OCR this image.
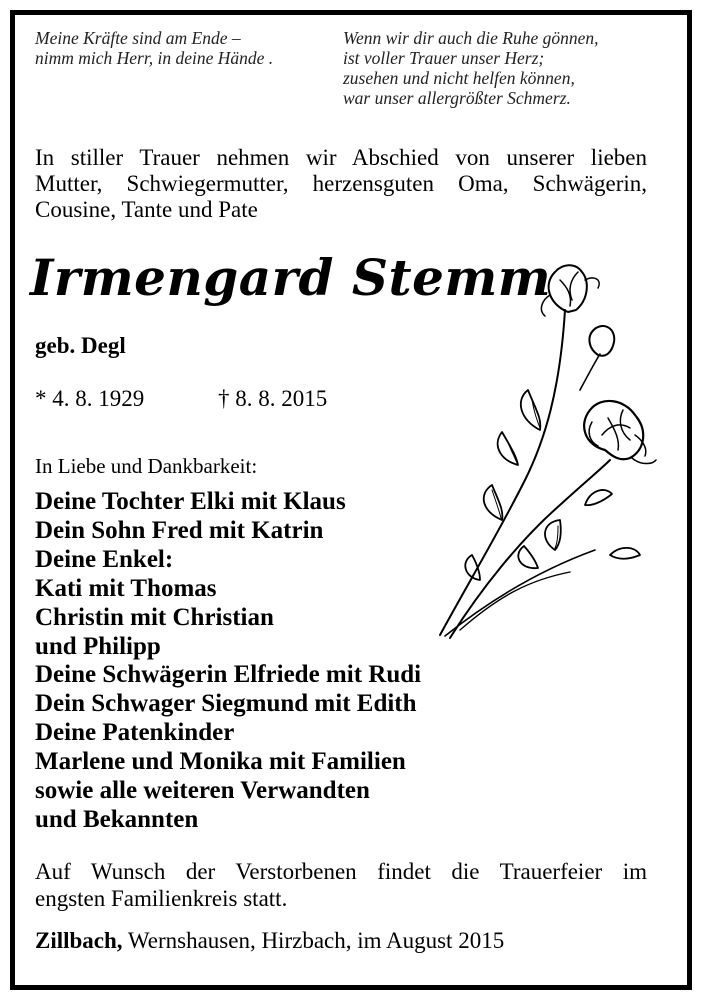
Meine Kräfte sind am Ende –
nimm mich Herr, in deine Hände .
Wenn wir dir auch die Ruhe gönnen,
ist voller Trauer unser Herz;
zusehen und nicht helfen können,
war unser allergrößter Schmerz.
In stiller Trauer nehmen wir Abschied von unserer lieben
Mutter, Schwiegermutter, herzensguten Oma, Schwägerin,
Cousine, Tante und Pate
Irmengard Stemm
geb. Degl
* 4. 8. 1929	† 8. 8. 2015
In Liebe und Dankbarkeit:
Deine Tochter Elki mit Klaus
Dein Sohn Fred mit Katrin
Deine Enkel:
Kati mit Thomas
Christin mit Christian
und Philipp
Deine Schwägerin Elfriede mit Rudi
Dein Schwager Siegmund mit Edith
Deine Patenkinder
Marlene und Monika mit Familien
sowie alle weiteren Verwandten
und Bekannten
Auf Wunsch der Verstorbenen findet die Trauerfeier im
engsten Familienkreis statt.
Zillbach, Wernshausen, Hirzbach, im August 2015
